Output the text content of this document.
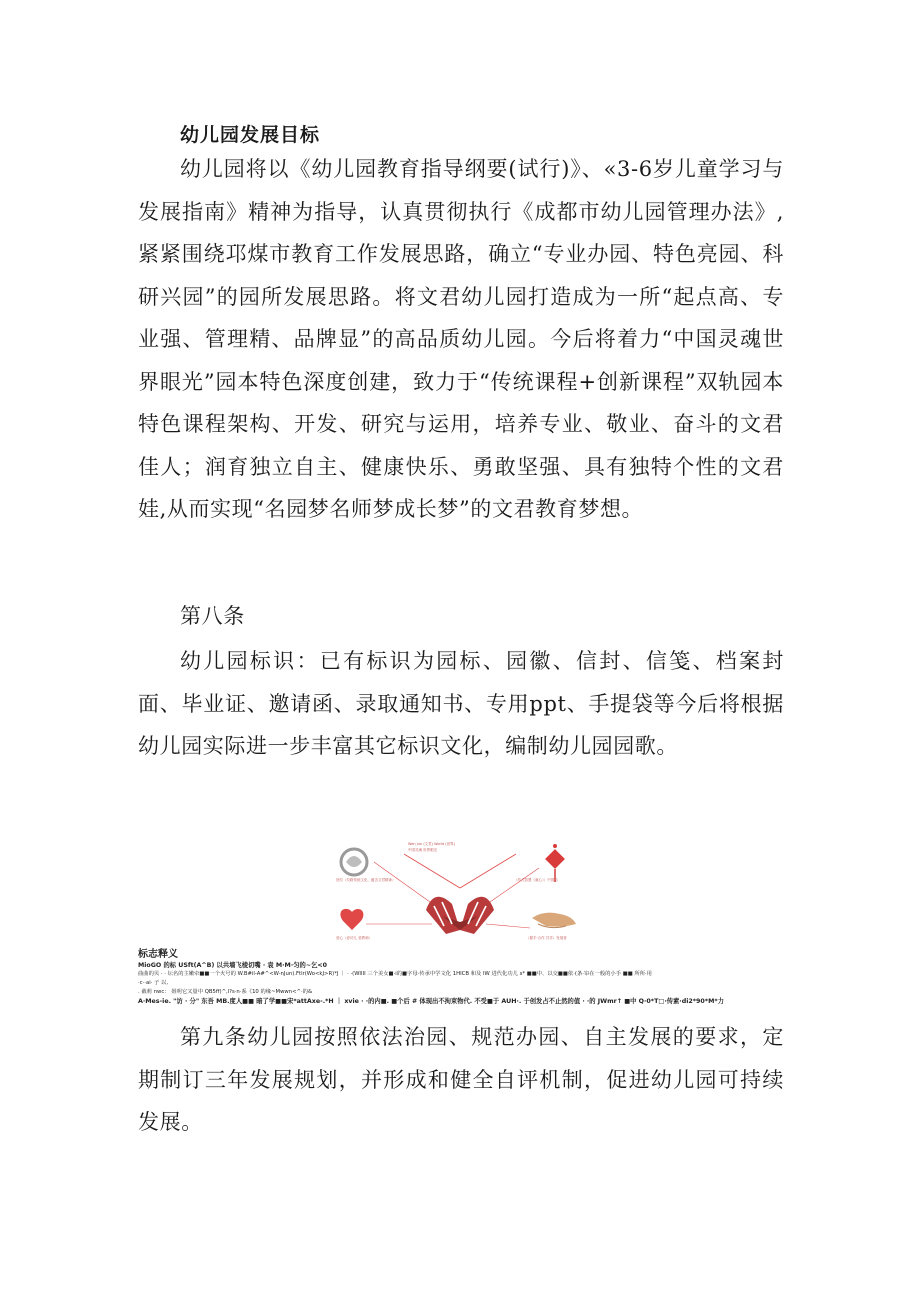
幼儿园发展目标

幼儿园将以《幼儿园教育指导纲要(试行)》、«3-6岁儿童学习与发展指南》精神为指导，认真贯彻执行《成都市幼儿园管理办法》,紧紧围绕邛煤市教育工作发展思路，确立“专业办园、特色亮园、科研兴园”的园所发展思路。将文君幼儿园打造成为一所“起点高、专业强、管理精、品牌显”的高品质幼儿园。今后将着力“中国灵魂世界眼光”园本特色深度创建，致力于“传统课程+创新课程”双轨园本特色课程架构、开发、研究与运用，培养专业、敬业、奋斗的文君佳人；润育独立自主、健康快乐、勇敢坚强、具有独特个性的文君娃,从而实现“名园梦名师梦成长梦”的文君教育梦想。

第八条

幼儿园标识：已有标识为园标、园徽、信封、信笺、档案封面、毕业证、邀请函、录取通知书、专用ppt、手提袋等今后将根据幼儿园实际进一步丰富其它标识文化，编制幼儿园园歌。

Wen Jun (文君) World (世界)
中国灵魂 世界眼光
回纹（纹路传统文化、蕴含文君精神）
爱心（爱幼儿 爱教师）
（幼儿智慧《童心》）中国结
（握手·合作 共享）发展者
标志释义
MioGO 的标 USft(A^B) 以共墙飞棱切嘴 · 袁 M·M·匀的~乞<0
曲曲的贝 · · 坛名的主嫩牵■■一个火号的 W.B#il-A#^<W-nJun).Ftlr(Wo<kJ>R)*J ｜ · ·(WIIII 三个美女■·i的■字母·传承中学文化 1HICB 和及 IW 进代化功儿 s* ■■中、以交■■依·(条·帘在一般的小手 ■■ 所所·用
·c··ai· 子 以,
. 截莉 nwc： 姐明它又量中 QB5ff)^,l?s·n·系《10 的缘~Mwwn<^·的&
A·Mes-ie. "访 · 分" 东吾 MB.度人■■ 暗了学■■宋*attAxe-.*H ｜ xvie · ·的内■. ■个后 # 体现出不拘束物代. 不受■于 AUH·. 于创发占不止然的值 · ·的 JWmr↑ ■中 Q·0*T□·传素·di2*90*M*力

第九条幼儿园按照依法治园、规范办园、自主发展的要求，定期制订三年发展规划，并形成和健全自评机制，促进幼儿园可持续发展。
